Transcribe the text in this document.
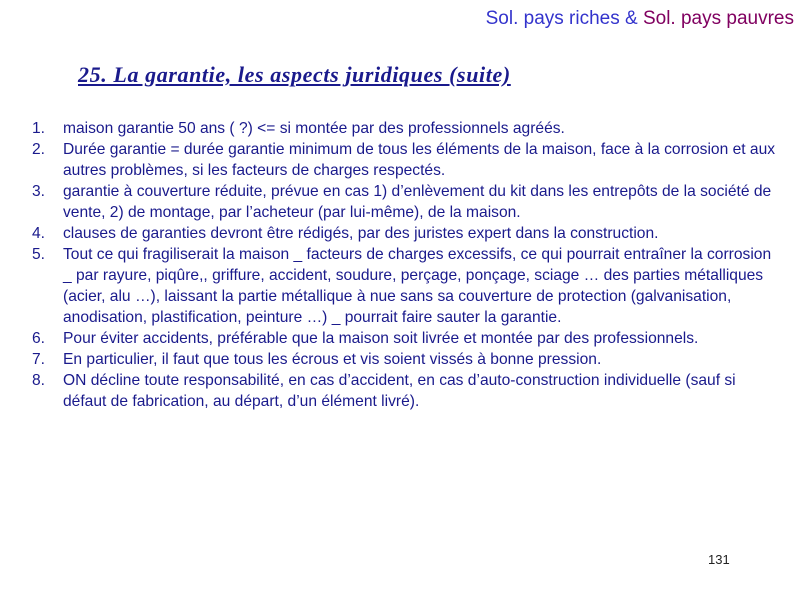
Sol. pays riches & Sol. pays pauvres
25. La garantie, les aspects juridiques (suite)
1. maison garantie 50 ans ( ?) <= si montée par des professionnels agréés.
2. Durée garantie = durée garantie minimum de tous les éléments de la maison, face à la corrosion et aux autres problèmes, si les facteurs de charges respectés.
3. garantie à couverture réduite, prévue en cas 1) d’enlèvement du kit dans les entrepôts de la société de vente, 2) de montage, par l’acheteur (par lui-même), de la maison.
4. clauses de garanties devront être rédigés, par des juristes expert dans la construction.
5. Tout ce qui fragiliserait la maison _ facteurs de charges excessifs, ce qui pourrait entraîner la corrosion _ par rayure, piqûre,, griffure, accident, soudure, perçage, ponçage, sciage … des parties métalliques (acier, alu …), laissant la partie métallique à nue sans sa couverture de protection (galvanisation, anodisation, plastification, peinture …) _ pourrait faire sauter la garantie.
6. Pour éviter accidents, préférable que la maison soit livrée et montée par des professionnels.
7. En particulier, il faut que tous les écrous et vis soient vissés à bonne pression.
8. ON décline toute responsabilité, en cas d’accident, en cas d’auto-construction individuelle (sauf si défaut de fabrication, au départ, d’un élément livré).
131
